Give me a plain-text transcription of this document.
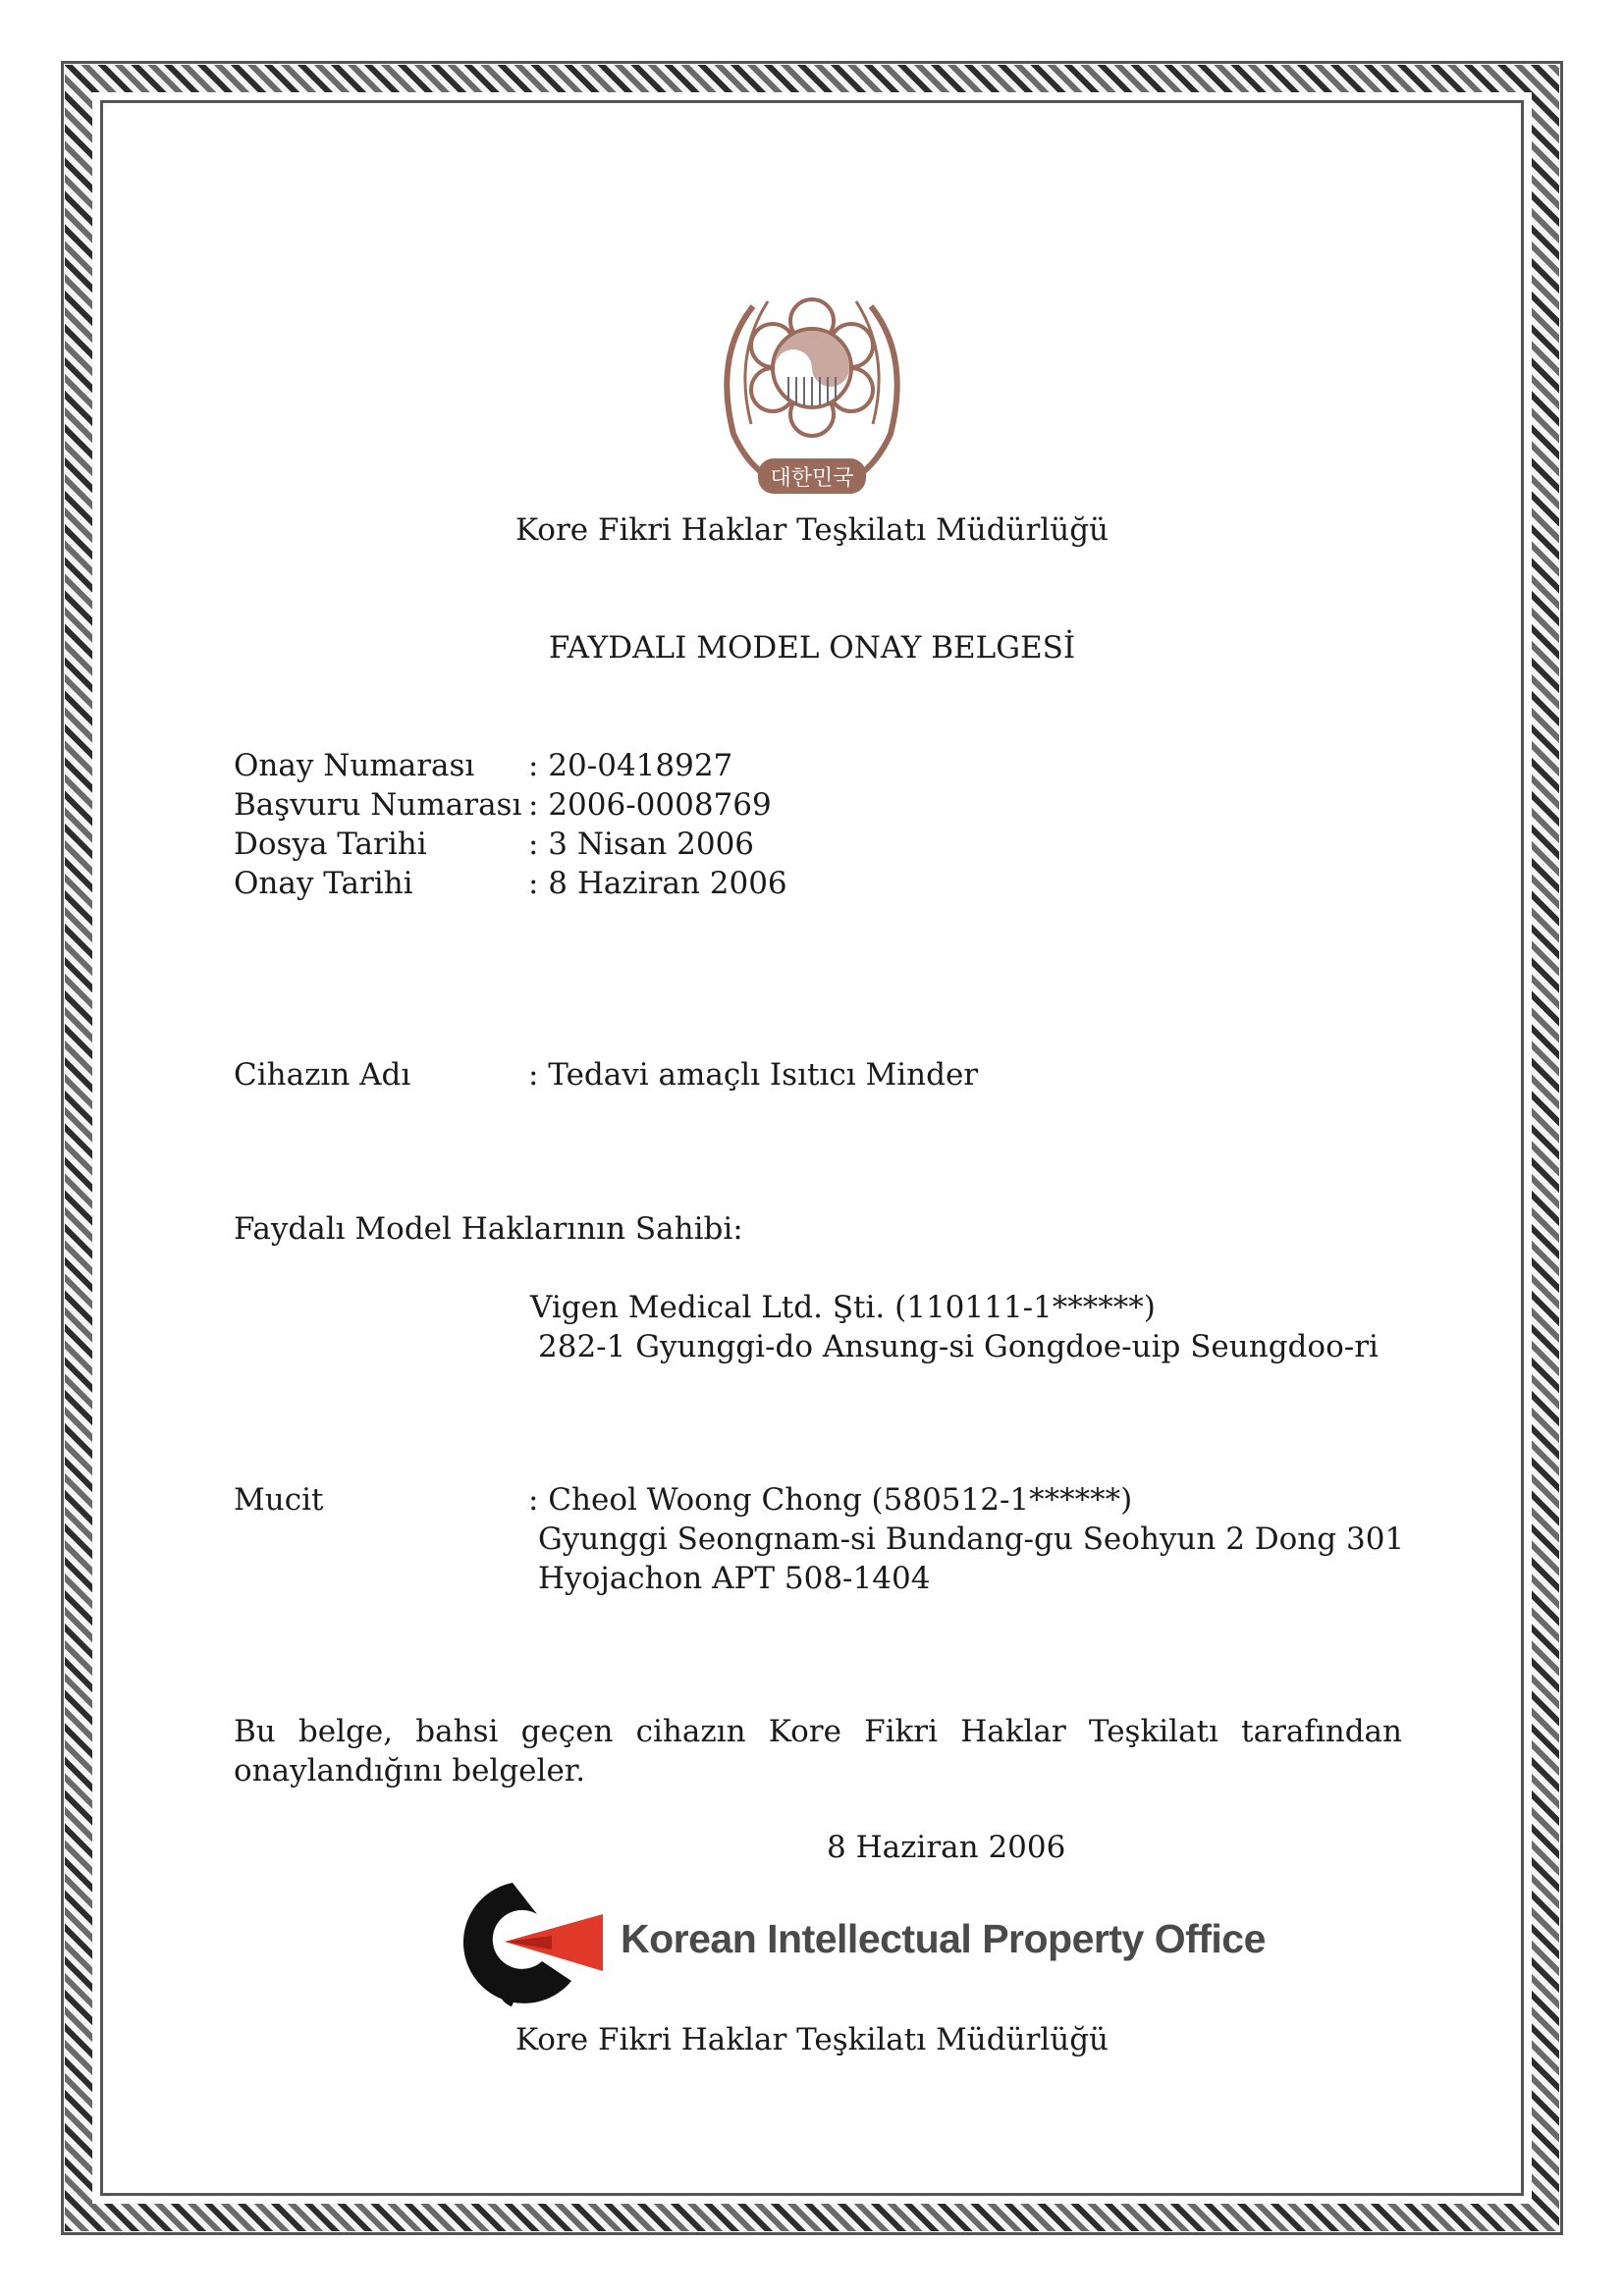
대한민국
Kore Fikri Haklar Teşkilatı Müdürlüğü
FAYDALI MODEL ONAY BELGESİ
Onay Numarası : 20-0418927
Başvuru Numarası : 2006-0008769
Dosya Tarihi	: 3 Nisan 2006
Onay Tarihi	: 8 Haziran 2006
Cihazın Adı	: Tedavi amaçlı Isıtıcı Minder
Faydalı Model Haklarının Sahibi:
Vigen Medical Ltd. Şti. (110111-1******)
282-1 Gyunggi-do Ansung-si Gongdoe-uip Seungdoo-ri
Mucit	: Cheol Woong Chong (580512-1******)
Gyunggi Seongnam-si Bundang-gu Seohyun 2 Dong 301
Hyojachon APT 508-1404
Bu belge, bahsi geçen cihazın Kore Fikri Haklar Teşkilatı tarafından onaylandığını belgeler.
8 Haziran 2006
Korean Intellectual Property Office
Kore Fikri Haklar Teşkilatı Müdürlüğü
